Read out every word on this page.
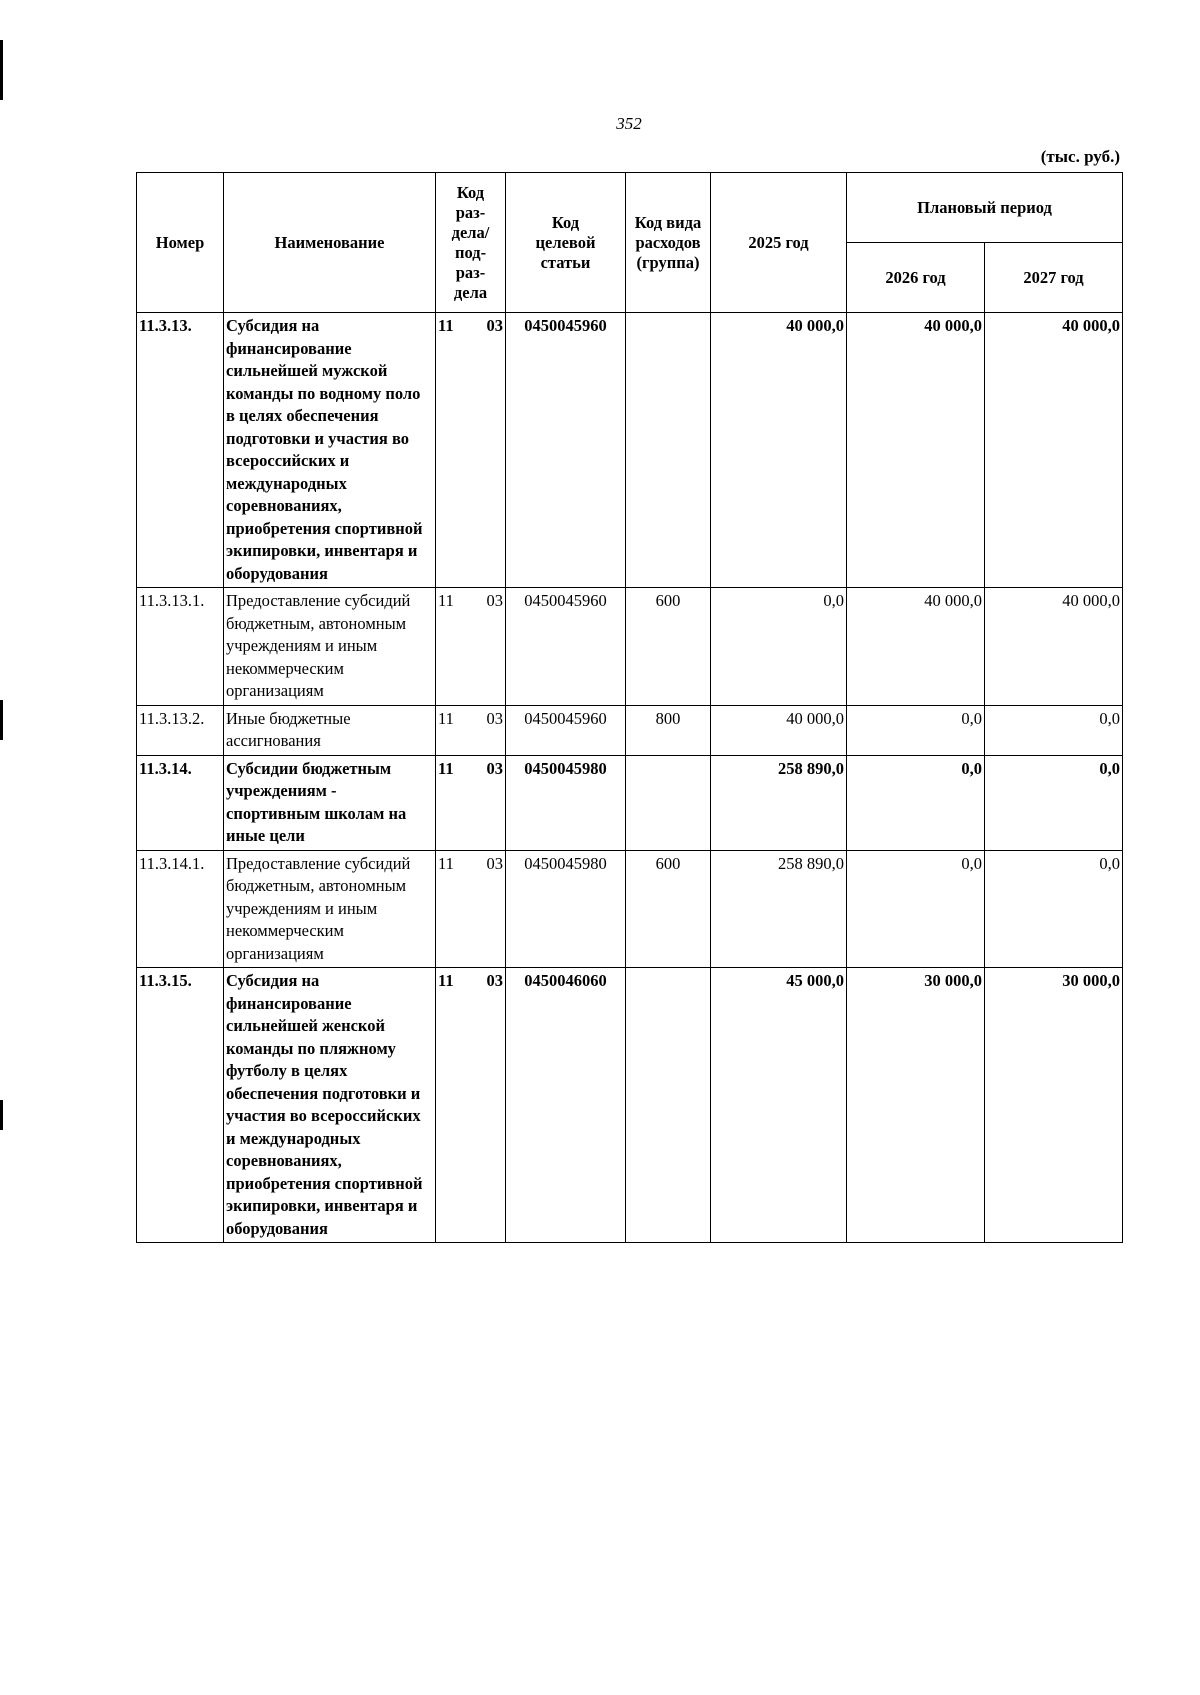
352
(тыс. руб.)
Номер	Наименование	Код раз-дела/ под-раз-дела	Код целевой статьи	Код вида расходов (группа)	2025 год	Плановый период	
						2026 год	2027 год
11.3.13.	Субсидия на финансирование сильнейшей мужской команды по водному поло в целях обеспечения подготовки и участия во всероссийских и международных соревнованиях, приобретения спортивной экипировки, инвентаря и оборудования	11 03	0450045960		40 000,0	40 000,0	40 000,0
11.3.13.1.	Предоставление субсидий бюджетным, автономным учреждениям и иным некоммерческим организациям	11 03	0450045960	600	0,0	40 000,0	40 000,0
11.3.13.2.	Иные бюджетные ассигнования	11 03	0450045960	800	40 000,0	0,0	0,0
11.3.14.	Субсидии бюджетным учреждениям - спортивным школам на иные цели	11 03	0450045980		258 890,0	0,0	0,0
11.3.14.1.	Предоставление субсидий бюджетным, автономным учреждениям и иным некоммерческим организациям	11 03	0450045980	600	258 890,0	0,0	0,0
11.3.15.	Субсидия на финансирование сильнейшей женской команды по пляжному футболу в целях обеспечения подготовки и участия во всероссийских и международных соревнованиях, приобретения спортивной экипировки, инвентаря и оборудования	11 03	0450046060		45 000,0	30 000,0	30 000,0
